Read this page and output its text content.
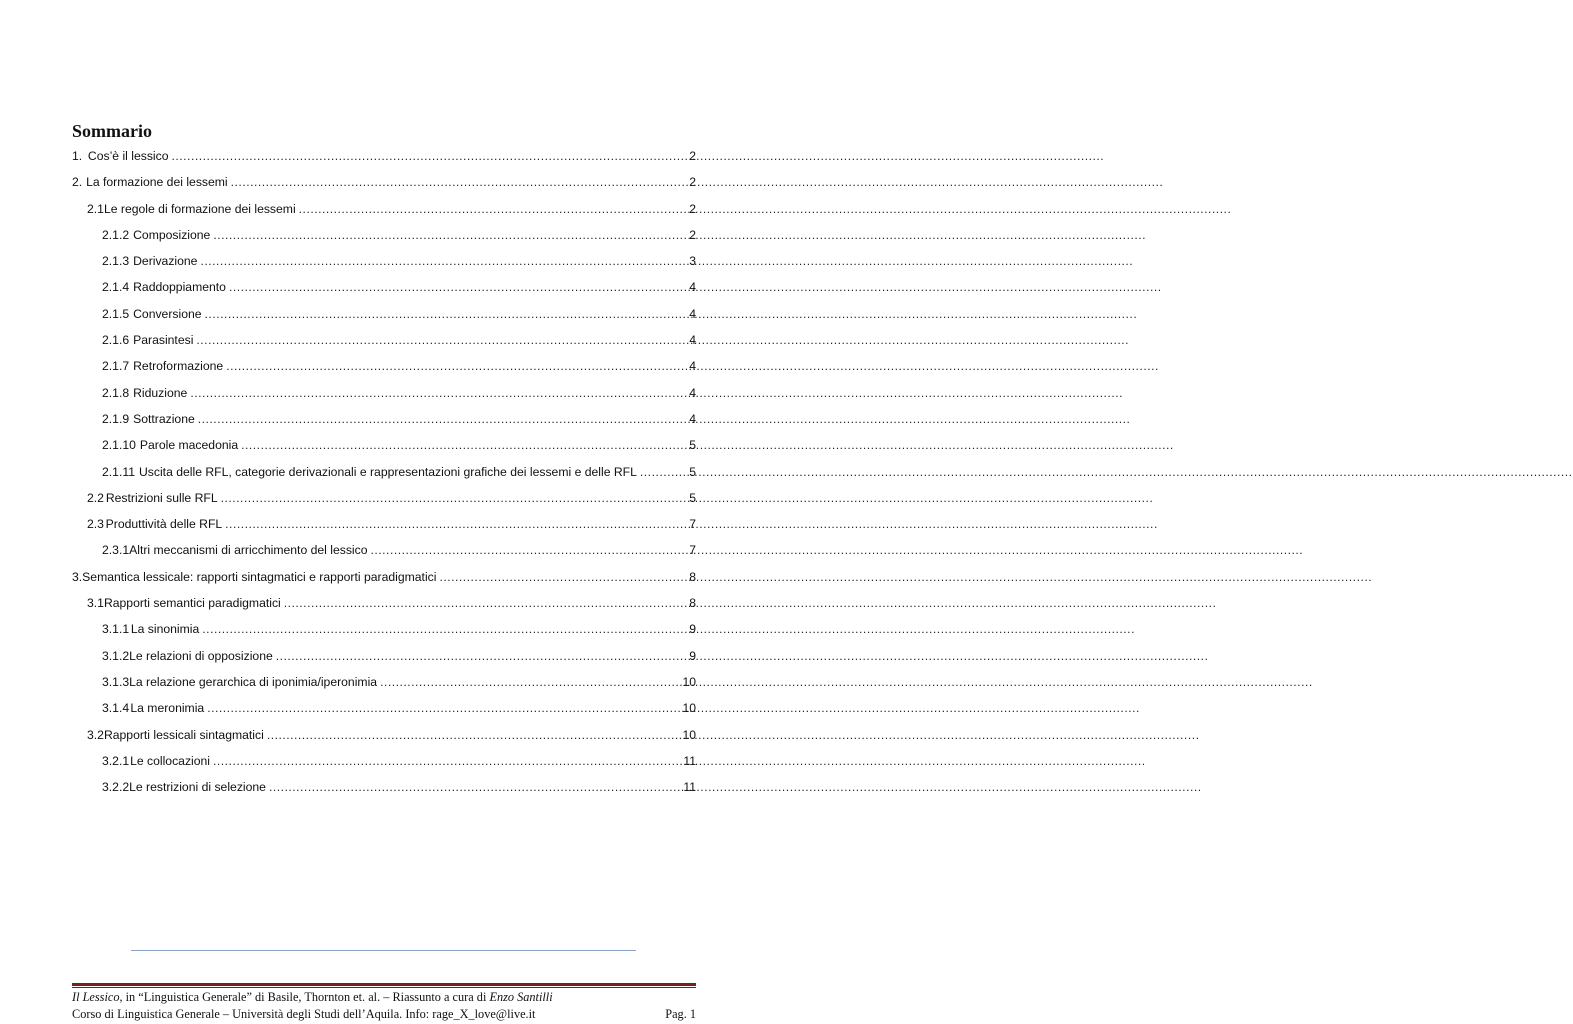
Sommario
1. Cos’è il lessico .....	2
2. La formazione dei lessemi .....	2
2.1 Le regole di formazione dei lessemi .....	2
2.1.2 Composizione .....	2
2.1.3 Derivazione .....	3
2.1.4 Raddoppiamento .....	4
2.1.5 Conversione .....	4
2.1.6 Parasintesi .....	4
2.1.7 Retroformazione .....	4
2.1.8 Riduzione .....	4
2.1.9 Sottrazione .....	4
2.1.10 Parole macedonia .....	5
2.1.11 Uscita delle RFL, categorie derivazionali e rappresentazioni grafiche dei lessemi e delle RFL .....	5
2.2 Restrizioni sulle RFL .....	5
2.3 Produttività delle RFL .....	7
2.3.1 Altri meccanismi di arricchimento del lessico .....	7
3. Semantica lessicale: rapporti sintagmatici e rapporti paradigmatici .....	8
3.1 Rapporti semantici paradigmatici .....	8
3.1.1 La sinonimia .....	9
3.1.2 Le relazioni di opposizione .....	9
3.1.3 La relazione gerarchica di iponimia/iperonimia .....	10
3.1.4 La meronimia .....	10
3.2 Rapporti lessicali sintagmatici .....	10
3.2.1 Le collocazioni .....	11
3.2.2 Le restrizioni di selezione .....	11
Il Lessico, in “Linguistica Generale” di Basile, Thornton et. al. – Riassunto a cura di Enzo Santilli
Corso di Linguistica Generale – Università degli Studi dell’Aquila. Info: rage_X_love@live.it	Pag. 1
